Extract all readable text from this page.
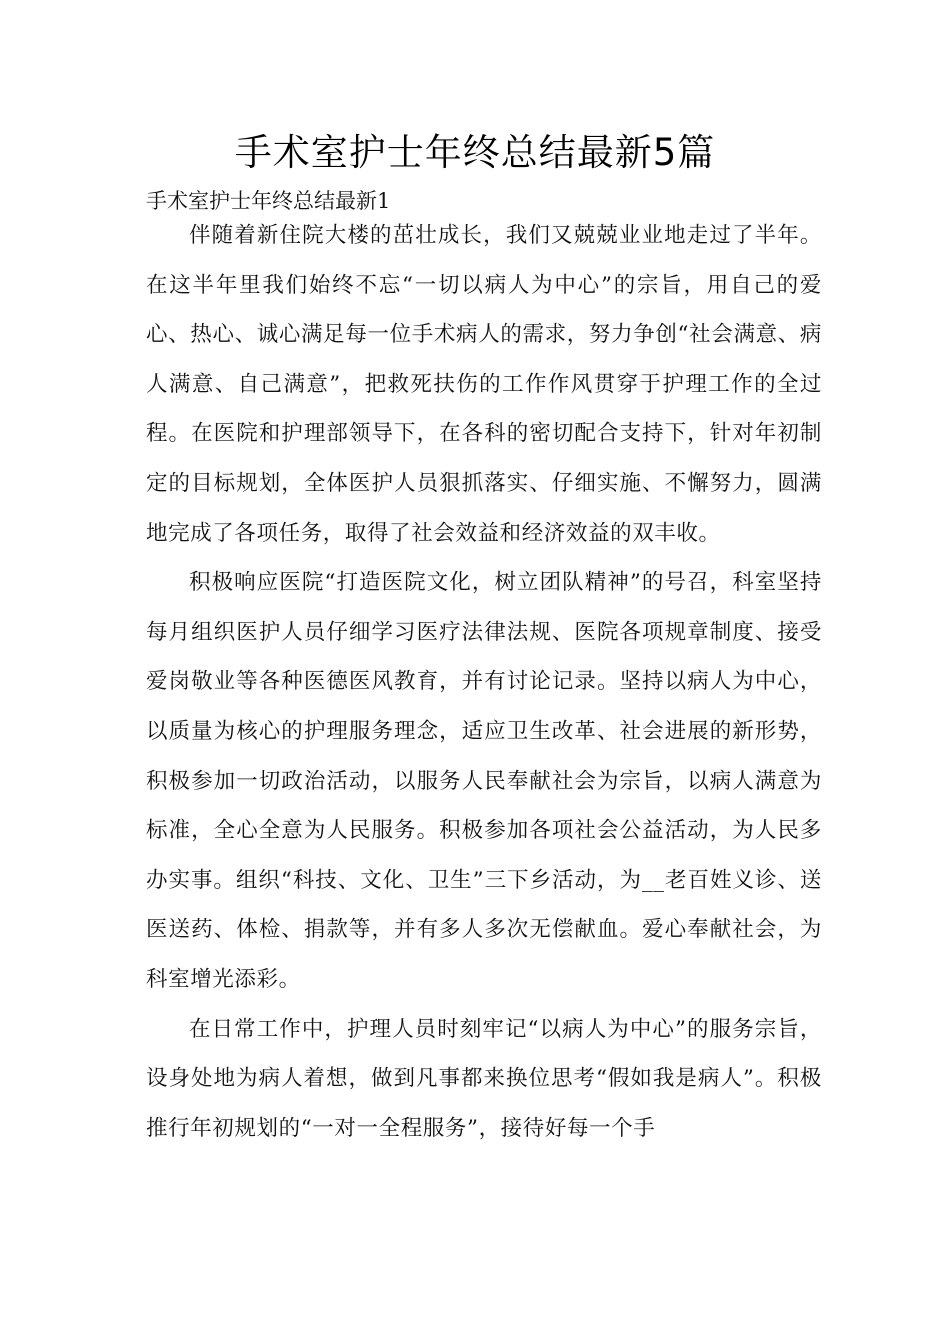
手术室护士年终总结最新5篇
手术室护士年终总结最新1

伴随着新住院大楼的茁壮成长，我们又兢兢业业地走过了半年。在这半年里我们始终不忘“一切以病人为中心”的宗旨，用自己的爱心、热心、诚心满足每一位手术病人的需求，努力争创“社会满意、病人满意、自己满意”，把救死扶伤的工作作风贯穿于护理工作的全过程。在医院和护理部领导下，在各科的密切配合支持下，针对年初制定的目标规划，全体医护人员狠抓落实、仔细实施、不懈努力，圆满地完成了各项任务，取得了社会效益和经济效益的双丰收。

积极响应医院“打造医院文化，树立团队精神”的号召，科室坚持每月组织医护人员仔细学习医疗法律法规、医院各项规章制度、接受爱岗敬业等各种医德医风教育，并有讨论记录。坚持以病人为中心，以质量为核心的护理服务理念，适应卫生改革、社会进展的新形势，积极参加一切政治活动，以服务人民奉献社会为宗旨，以病人满意为标准，全心全意为人民服务。积极参加各项社会公益活动，为人民多办实事。组织“科技、文化、卫生”三下乡活动，为__老百姓义诊、送医送药、体检、捐款等，并有多人多次无偿献血。爱心奉献社会，为科室增光添彩。

在日常工作中，护理人员时刻牢记“以病人为中心”的服务宗旨，设身处地为病人着想，做到凡事都来换位思考“假如我是病人”。积极推行年初规划的“一对一全程服务”，接待好每一个手
